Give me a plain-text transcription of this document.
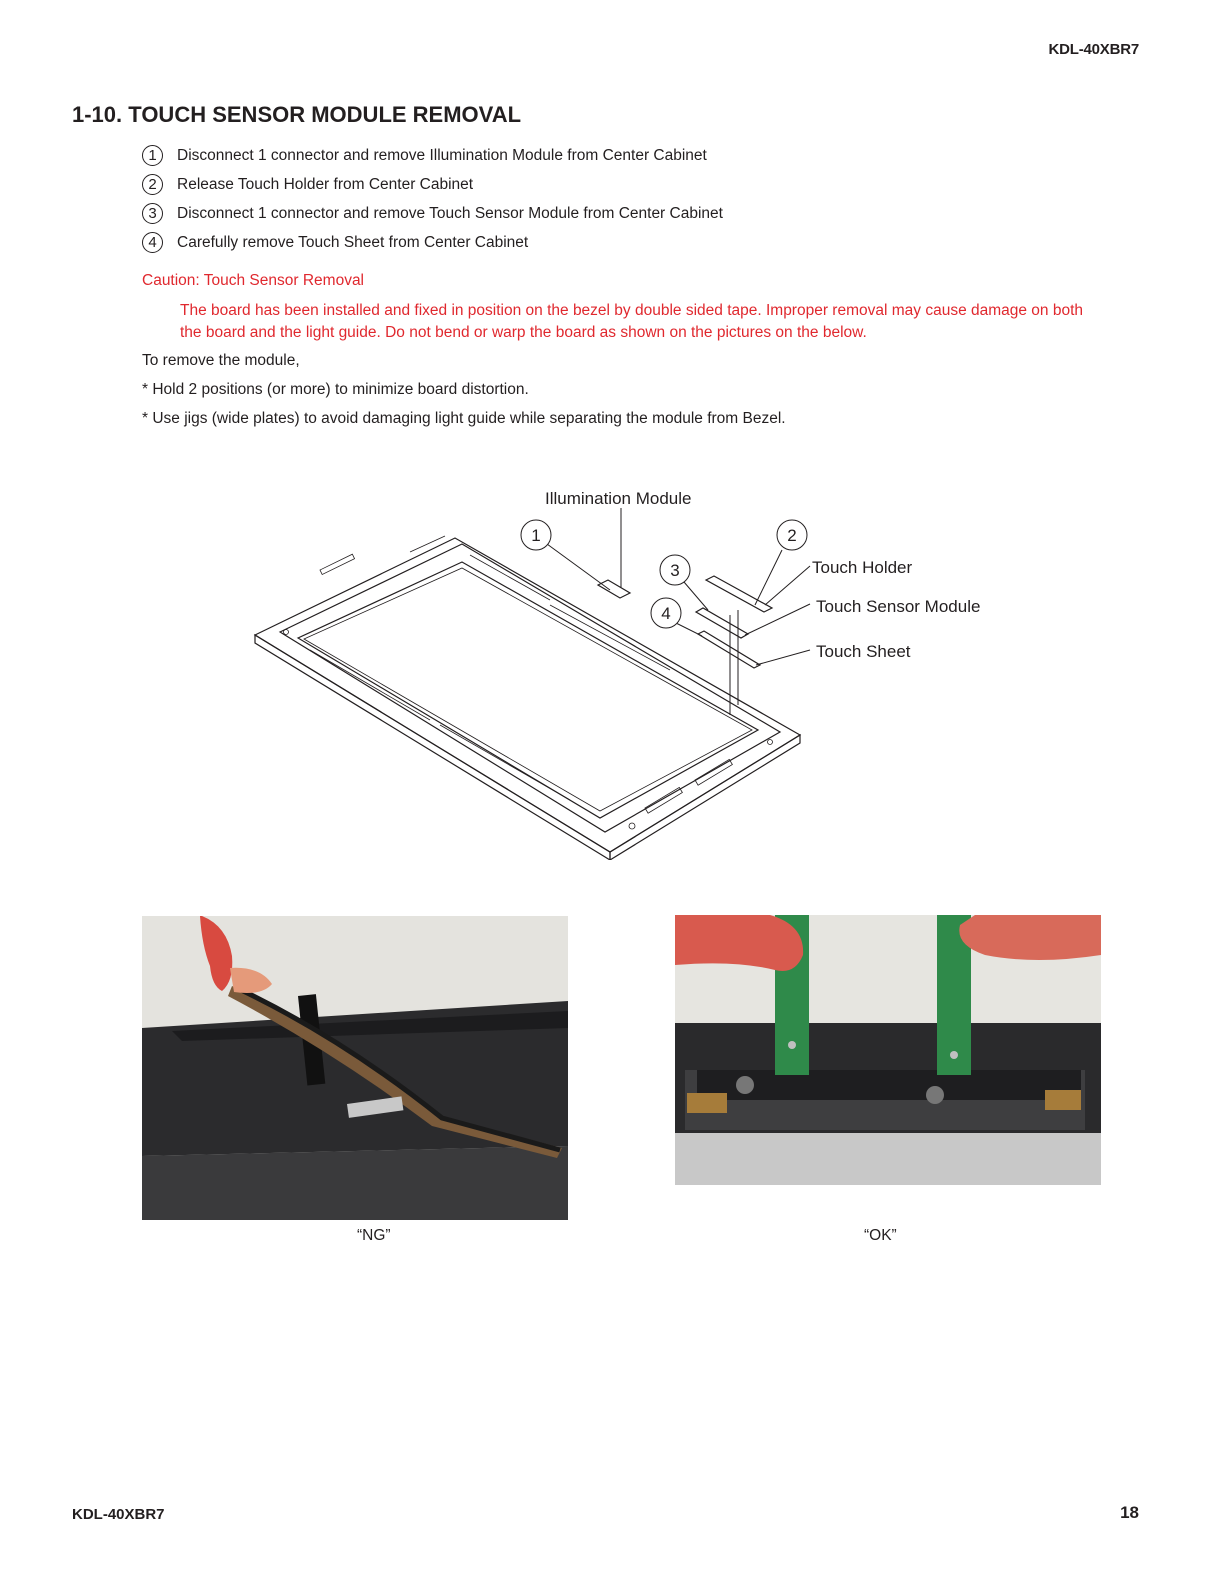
KDL-40XBR7
1-10. TOUCH SENSOR MODULE REMOVAL
1	Disconnect 1 connector and remove Illumination Module from Center Cabinet
2	Release Touch Holder from Center Cabinet
3	Disconnect 1 connector and remove Touch Sensor Module from Center Cabinet
4	Carefully remove Touch Sheet from Center Cabinet
Caution: Touch Sensor Removal
The board has been installed and fixed in position on the bezel by double sided tape. Improper removal may cause damage on both
the board and the light guide. Do not bend or warp the board as shown on the pictures on the below.
To remove the module,
* Hold 2 positions (or more) to minimize board distortion.
* Use jigs (wide plates) to avoid damaging light guide while separating the module from Bezel.
1	2
3
4
Illumination Module
Touch Holder
Touch Sensor Module
Touch Sheet
“NG”	“OK”
KDL-40XBR7	18
